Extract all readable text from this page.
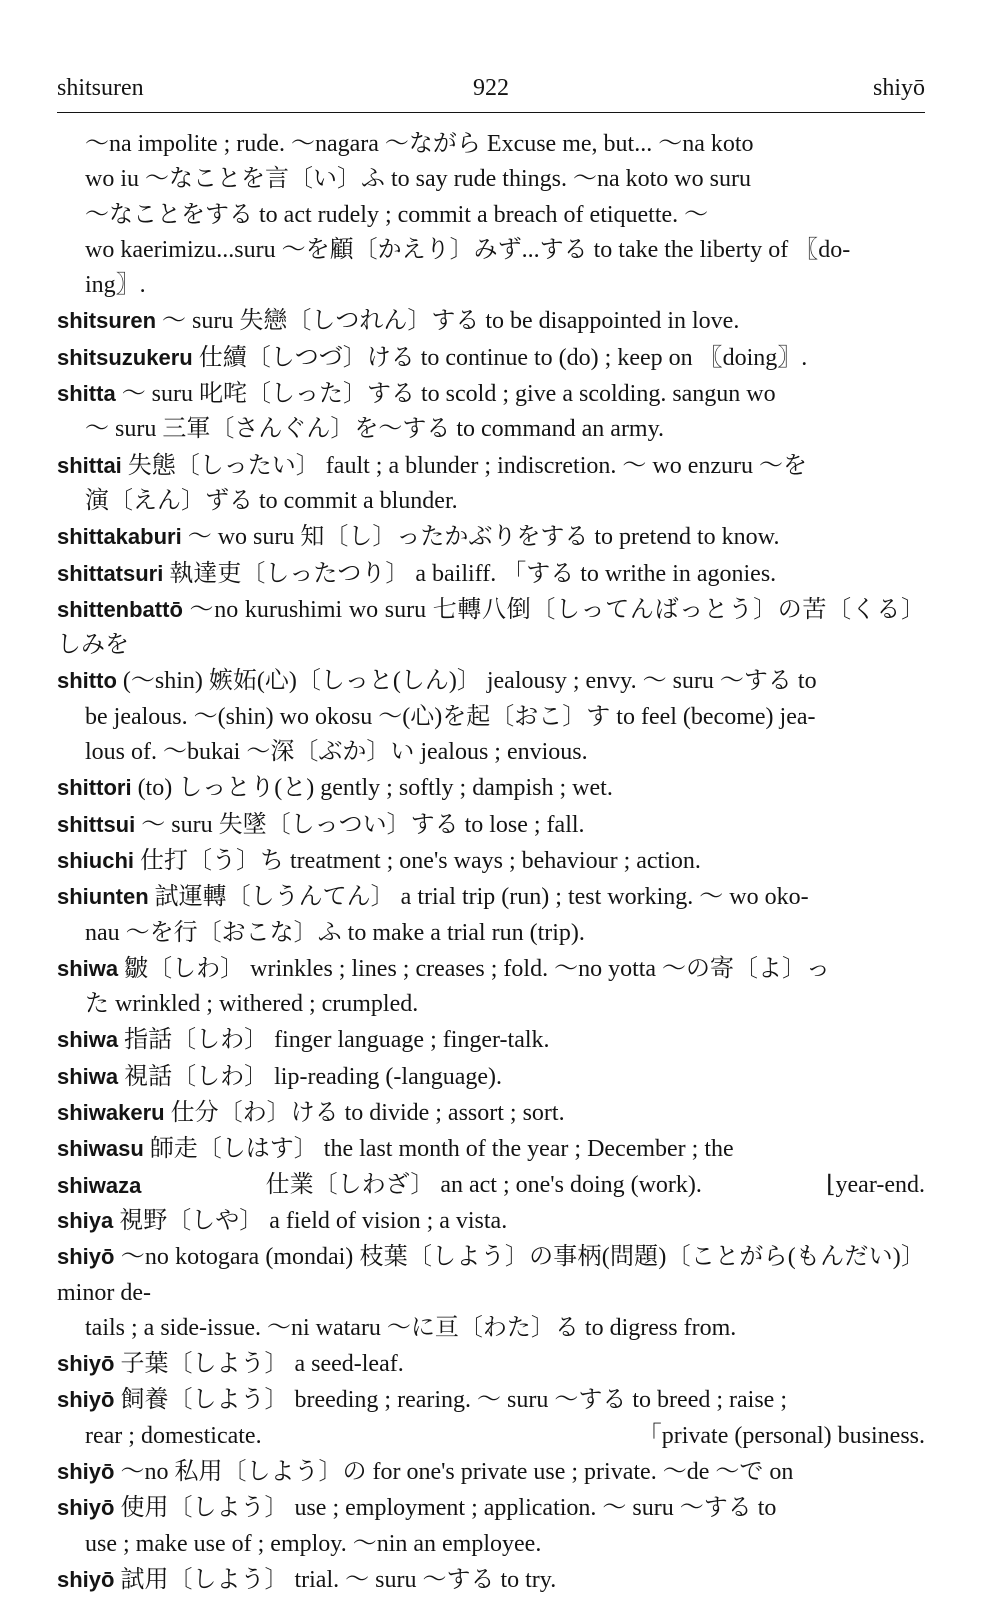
shitsuren	922	shiyō
～na impolite ; rude. ～nagara ～ながら Excuse me, but... ～na koto
wo iu ～なことを言〔い〕ふ to say rude things. ～na koto wo suru
～なことをする to act rudely ; commit a breach of etiquette. ～
wo kaerimizu...suru ～を顧〔かえり〕みず...する to take the liberty of 〖do-
ing〗.
shitsuren ～ suru 失戀〔しつれん〕する to be disappointed in love.
shitsuzukeru 仕續〔しつづ〕ける to continue to (do) ; keep on 〖doing〗.
shitta ～ suru 叱咤〔しった〕する to scold ; give a scolding. sangun wo
～ suru 三軍〔さんぐん〕を～する to command an army.
shittai 失態〔しったい〕 fault ; a blunder ; indiscretion. ～ wo enzuru ～を
演〔えん〕ずる to commit a blunder.
shittakaburi ～ wo suru 知〔し〕ったかぶりをする to pretend to know.
shittatsuri 執達吏〔しったつり〕 a bailiff. 「する to writhe in agonies.
shittenbattō ～no kurushimi wo suru 七轉八倒〔しってんばっとう〕の苦〔くる〕しみを
shitto (～shin) 嫉妬(心)〔しっと(しん)〕 jealousy ; envy. ～ suru ～する to
be jealous. ～(shin) wo okosu ～(心)を起〔おこ〕す to feel (become) jea-
lous of. ～bukai ～深〔ぶか〕い jealous ; envious.
shittori (to) しっとり(と) gently ; softly ; dampish ; wet.
shittsui ～ suru 失墜〔しっつい〕する to lose ; fall.
shiuchi 仕打〔う〕ち treatment ; one's ways ; behaviour ; action.
shiunten 試運轉〔しうんてん〕 a trial trip (run) ; test working. ～ wo oko-
nau ～を行〔おこな〕ふ to make a trial run (trip).
shiwa 皺〔しわ〕 wrinkles ; lines ; creases ; fold. ～no yotta ～の寄〔よ〕っ
た wrinkled ; withered ; crumpled.
shiwa 指話〔しわ〕 finger language ; finger-talk.
shiwa 視話〔しわ〕 lip-reading (-language).
shiwakeru 仕分〔わ〕ける to divide ; assort ; sort.
shiwasu 師走〔しはす〕 the last month of the year ; December ; the
shiwaza	仕業〔しわざ〕 an act ; one's doing (work).	⌊year-end.
shiya 視野〔しや〕 a field of vision ; a vista.
shiyō ～no kotogara (mondai) 枝葉〔しよう〕の事柄(問題)〔ことがら(もんだい)〕 minor de-
tails ; a side-issue. ～ni wataru ～に亘〔わた〕る to digress from.
shiyō 子葉〔しよう〕 a seed-leaf.
shiyō 飼養〔しよう〕 breeding ; rearing. ～ suru ～する to breed ; raise ;
rear ; domesticate.	「private (personal) business.
shiyō ～no 私用〔しよう〕の for one's private use ; private. ～de ～で on
shiyō 使用〔しよう〕 use ; employment ; application. ～ suru ～する to
use ; make use of ; employ. ～nin an employee.
shiyō 試用〔しよう〕 trial. ～ suru ～する to try.
